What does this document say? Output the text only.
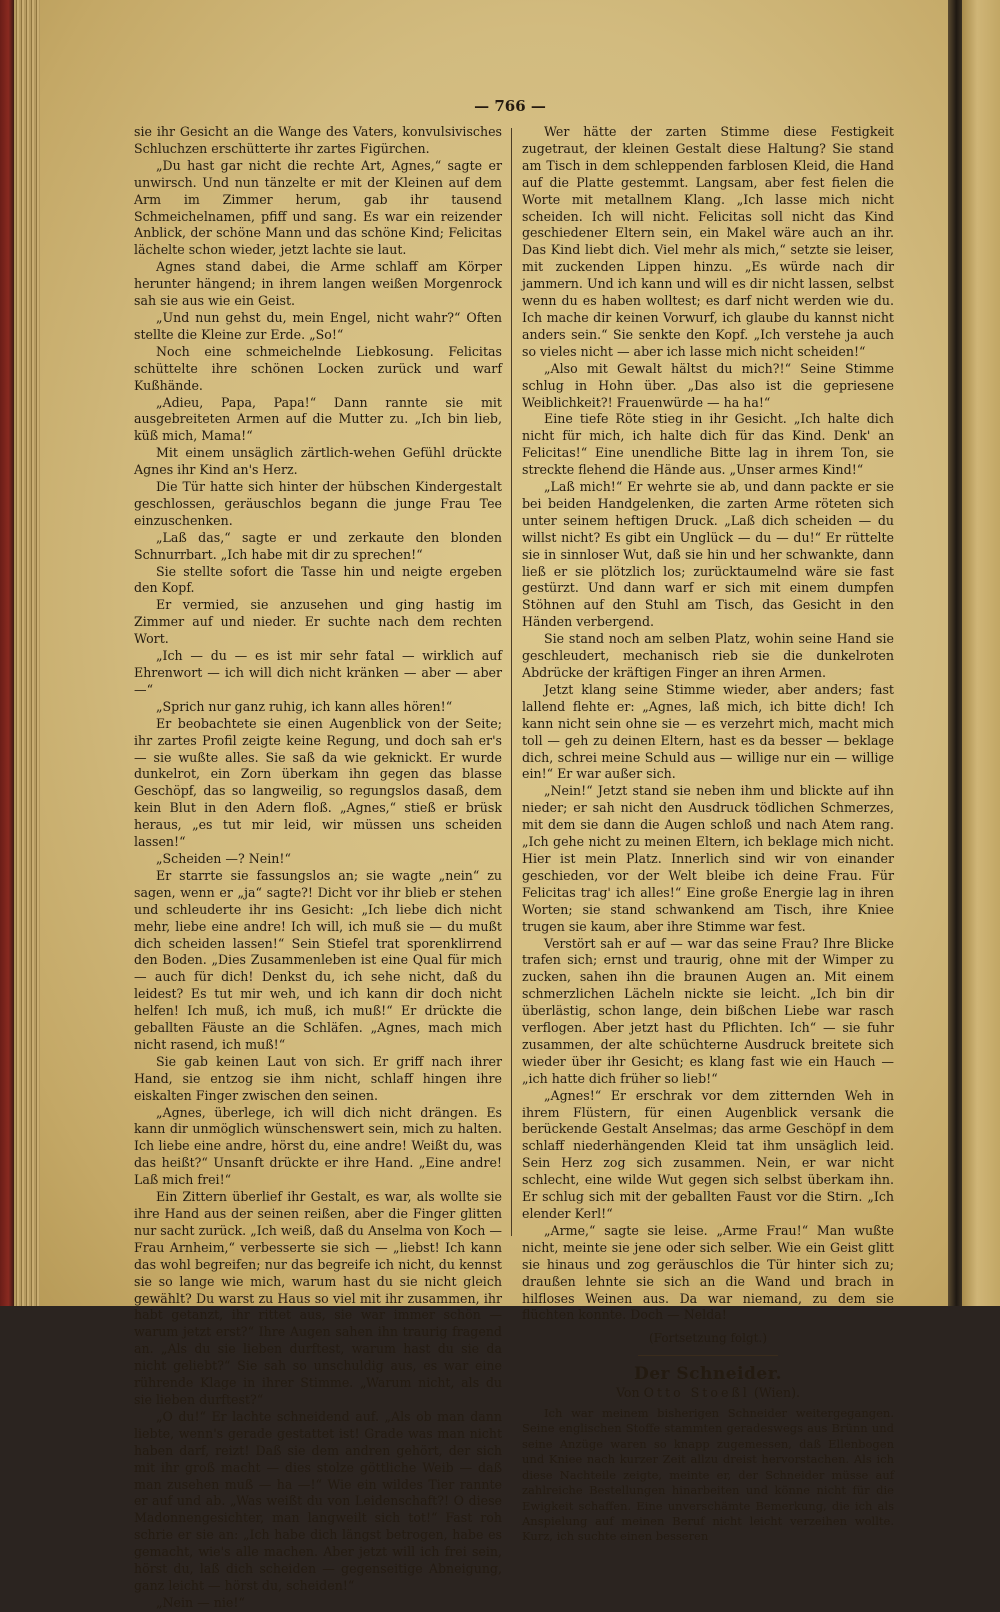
— 766 —

sie ihr Gesicht an die Wange des Vaters, konvulsivisches Schluchzen erschütterte ihr zartes Figürchen.

„Du hast gar nicht die rechte Art, Agnes,“ sagte er unwirsch. Und nun tänzelte er mit der Kleinen auf dem Arm im Zimmer herum, gab ihr tausend Schmeichelnamen, pfiff und sang. Es war ein reizender Anblick, der schöne Mann und das schöne Kind; Felicitas lächelte schon wieder, jetzt lachte sie laut.

Agnes stand dabei, die Arme schlaff am Körper herunter hängend; in ihrem langen weißen Morgenrock sah sie aus wie ein Geist.

„Und nun gehst du, mein Engel, nicht wahr?“ Often stellte die Kleine zur Erde. „So!“

Noch eine schmeichelnde Liebkosung. Felicitas schüttelte ihre schönen Locken zurück und warf Kußhände.

„Adieu, Papa, Papa!“ Dann rannte sie mit ausgebreiteten Armen auf die Mutter zu. „Ich bin lieb, küß mich, Mama!“

Mit einem unsäglich zärtlich-wehen Gefühl drückte Agnes ihr Kind an's Herz.

Die Tür hatte sich hinter der hübschen Kindergestalt geschlossen, geräuschlos begann die junge Frau Tee einzuschenken.

„Laß das,“ sagte er und zerkaute den blonden Schnurrbart. „Ich habe mit dir zu sprechen!“

Sie stellte sofort die Tasse hin und neigte ergeben den Kopf.

Er vermied, sie anzusehen und ging hastig im Zimmer auf und nieder. Er suchte nach dem rechten Wort.

„Ich — du — es ist mir sehr fatal — wirklich auf Ehrenwort — ich will dich nicht kränken — aber — aber —“

„Sprich nur ganz ruhig, ich kann alles hören!“

Er beobachtete sie einen Augenblick von der Seite; ihr zartes Profil zeigte keine Regung, und doch sah er's — sie wußte alles. Sie saß da wie geknickt. Er wurde dunkelrot, ein Zorn überkam ihn gegen das blasse Geschöpf, das so langweilig, so regungslos dasaß, dem kein Blut in den Adern floß. „Agnes,“ stieß er brüsk heraus, „es tut mir leid, wir müssen uns scheiden lassen!“

„Scheiden —? Nein!“

Er starrte sie fassungslos an; sie wagte „nein“ zu sagen, wenn er „ja“ sagte?! Dicht vor ihr blieb er stehen und schleuderte ihr ins Gesicht: „Ich liebe dich nicht mehr, liebe eine andre! Ich will, ich muß sie — du mußt dich scheiden lassen!“ Sein Stiefel trat sporenklirrend den Boden. „Dies Zusammenleben ist eine Qual für mich — auch für dich! Denkst du, ich sehe nicht, daß du leidest? Es tut mir weh, und ich kann dir doch nicht helfen! Ich muß, ich muß, ich muß!“ Er drückte die geballten Fäuste an die Schläfen. „Agnes, mach mich nicht rasend, ich muß!“

Sie gab keinen Laut von sich. Er griff nach ihrer Hand, sie entzog sie ihm nicht, schlaff hingen ihre eiskalten Finger zwischen den seinen.

„Agnes, überlege, ich will dich nicht drängen. Es kann dir unmöglich wünschenswert sein, mich zu halten. Ich liebe eine andre, hörst du, eine andre! Weißt du, was das heißt?“ Unsanft drückte er ihre Hand. „Eine andre! Laß mich frei!“

Ein Zittern überlief ihr Gestalt, es war, als wollte sie ihre Hand aus der seinen reißen, aber die Finger glitten nur sacht zurück. „Ich weiß, daß du Anselma von Koch — Frau Arnheim,“ verbesserte sie sich — „liebst! Ich kann das wohl begreifen; nur das begreife ich nicht, du kennst sie so lange wie mich, warum hast du sie nicht gleich gewählt? Du warst zu Haus so viel mit ihr zusammen, ihr habt getanzt, ihr rittet aus, sie war immer schön — warum jetzt erst?“ Ihre Augen sahen ihn traurig fragend an. „Als du sie lieben durftest, warum hast du sie da nicht geliebt?“ Sie sah so unschuldig aus, es war eine rührende Klage in ihrer Stimme. „Warum nicht, als du sie lieben durftest?“

„O du!“ Er lachte schneidend auf. „Als ob man dann liebte, wenn's gerade gestattet ist! Grade was man nicht haben darf, reizt! Daß sie dem andren gehört, der sich mit ihr groß macht — dies stolze göttliche Weib — daß man zusehen muß — ha —!“ Wie ein wildes Tier rannte er auf und ab. „Was weißt du von Leidenschaft?! O diese Madonnengesichter, man langweilt sich tot!“ Fast roh schrie er sie an: „Ich habe dich längst betrogen, habe es gemacht, wie's alle machen. Aber jetzt will ich frei sein, hörst du, laß dich scheiden — gegenseitige Abneigung, ganz leicht — hörst du, scheiden!“

„Nein — nie!“

Wer hätte der zarten Stimme diese Festigkeit zugetraut, der kleinen Gestalt diese Haltung? Sie stand am Tisch in dem schleppenden farblosen Kleid, die Hand auf die Platte gestemmt. Langsam, aber fest fielen die Worte mit metallnem Klang. „Ich lasse mich nicht scheiden. Ich will nicht. Felicitas soll nicht das Kind geschiedener Eltern sein, ein Makel wäre auch an ihr. Das Kind liebt dich. Viel mehr als mich,“ setzte sie leiser, mit zuckenden Lippen hinzu. „Es würde nach dir jammern. Und ich kann und will es dir nicht lassen, selbst wenn du es haben wolltest; es darf nicht werden wie du. Ich mache dir keinen Vorwurf, ich glaube du kannst nicht anders sein.“ Sie senkte den Kopf. „Ich verstehe ja auch so vieles nicht — aber ich lasse mich nicht scheiden!“

„Also mit Gewalt hältst du mich?!“ Seine Stimme schlug in Hohn über. „Das also ist die gepriesene Weiblichkeit?! Frauenwürde — ha ha!“

Eine tiefe Röte stieg in ihr Gesicht. „Ich halte dich nicht für mich, ich halte dich für das Kind. Denk' an Felicitas!“ Eine unendliche Bitte lag in ihrem Ton, sie streckte flehend die Hände aus. „Unser armes Kind!“

„Laß mich!“ Er wehrte sie ab, und dann packte er sie bei beiden Handgelenken, die zarten Arme röteten sich unter seinem heftigen Druck. „Laß dich scheiden — du willst nicht? Es gibt ein Unglück — du — du!“ Er rüttelte sie in sinnloser Wut, daß sie hin und her schwankte, dann ließ er sie plötzlich los; zurücktaumelnd wäre sie fast gestürzt. Und dann warf er sich mit einem dumpfen Stöhnen auf den Stuhl am Tisch, das Gesicht in den Händen verbergend.

Sie stand noch am selben Platz, wohin seine Hand sie geschleudert, mechanisch rieb sie die dunkelroten Abdrücke der kräftigen Finger an ihren Armen.

Jetzt klang seine Stimme wieder, aber anders; fast lallend flehte er: „Agnes, laß mich, ich bitte dich! Ich kann nicht sein ohne sie — es verzehrt mich, macht mich toll — geh zu deinen Eltern, hast es da besser — beklage dich, schrei meine Schuld aus — willige nur ein — willige ein!“ Er war außer sich.

„Nein!“ Jetzt stand sie neben ihm und blickte auf ihn nieder; er sah nicht den Ausdruck tödlichen Schmerzes, mit dem sie dann die Augen schloß und nach Atem rang. „Ich gehe nicht zu meinen Eltern, ich beklage mich nicht. Hier ist mein Platz. Innerlich sind wir von einander geschieden, vor der Welt bleibe ich deine Frau. Für Felicitas trag' ich alles!“ Eine große Energie lag in ihren Worten; sie stand schwankend am Tisch, ihre Kniee trugen sie kaum, aber ihre Stimme war fest.

Verstört sah er auf — war das seine Frau? Ihre Blicke trafen sich; ernst und traurig, ohne mit der Wimper zu zucken, sahen ihn die braunen Augen an. Mit einem schmerzlichen Lächeln nickte sie leicht. „Ich bin dir überlästig, schon lange, dein bißchen Liebe war rasch verflogen. Aber jetzt hast du Pflichten. Ich“ — sie fuhr zusammen, der alte schüchterne Ausdruck breitete sich wieder über ihr Gesicht; es klang fast wie ein Hauch — „ich hatte dich früher so lieb!“

„Agnes!“ Er erschrak vor dem zitternden Weh in ihrem Flüstern, für einen Augenblick versank die berückende Gestalt Anselmas; das arme Geschöpf in dem schlaff niederhängenden Kleid tat ihm unsäglich leid. Sein Herz zog sich zusammen. Nein, er war nicht schlecht, eine wilde Wut gegen sich selbst überkam ihn. Er schlug sich mit der geballten Faust vor die Stirn. „Ich elender Kerl!“

„Arme,“ sagte sie leise. „Arme Frau!“ Man wußte nicht, meinte sie jene oder sich selber. Wie ein Geist glitt sie hinaus und zog geräuschlos die Tür hinter sich zu; draußen lehnte sie sich an die Wand und brach in hilfloses Weinen aus. Da war niemand, zu dem sie flüchten konnte. Doch — Nelda!

(Fortsetzung folgt.)

Der Schneider.
Von Otto Stoeßl (Wien).

Ich war meinem bisherigen Schneider weitergegangen. Seine englischen Stoffe stammten geradeswegs aus Brünn und seine Anzüge waren so knapp zugemessen, daß Ellenbogen und Kniee nach kurzer Zeit allzu dreist hervorstachen. Als ich diese Nachteile zeigte, meinte er, der Schneider müsse auf zahlreiche Bestellungen hinarbeiten und könne nicht für die Ewigkeit schaffen. Eine unverschämte Bemerkung, die ich als Anspielung auf meinen Beruf nicht leicht verzeihen wollte. Kurz, ich suchte einen besseren
